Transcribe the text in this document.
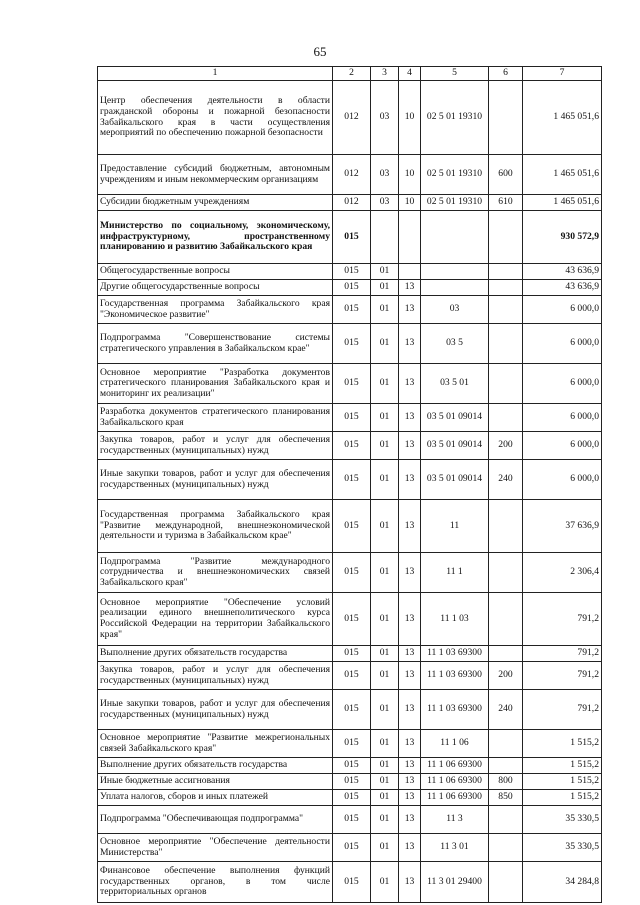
65
1	2	3	4	5	6	7
Центр обеспечения деятельности в области гражданской обороны и пожарной безопасности Забайкальского края в части осуществления мероприятий по обеспечению пожарной безопасности	012	03	10	02 5 01 19310		1 465 051,6
Предоставление субсидий бюджетным, автономным учреждениям и иным некоммерческим организациям	012	03	10	02 5 01 19310	600	1 465 051,6
Субсидии бюджетным учреждениям	012	03	10	02 5 01 19310	610	1 465 051,6
Министерство по социальному, экономическому, инфраструктурному, пространственному планированию и развитию Забайкальского края	015					930 572,9
Общегосударственные вопросы	015	01				43 636,9
Другие общегосударственные вопросы	015	01	13			43 636,9
Государственная программа Забайкальского края "Экономическое развитие"	015	01	13	03		6 000,0
Подпрограмма "Совершенствование системы стратегического управления в Забайкальском крае"	015	01	13	03 5		6 000,0
Основное мероприятие "Разработка документов стратегического планирования Забайкальского края и мониторинг их реализации"	015	01	13	03 5 01		6 000,0
Разработка документов стратегического планирования Забайкальского края	015	01	13	03 5 01 09014		6 000,0
Закупка товаров, работ и услуг для обеспечения государственных (муниципальных) нужд	015	01	13	03 5 01 09014	200	6 000,0
Иные закупки товаров, работ и услуг для обеспечения государственных (муниципальных) нужд	015	01	13	03 5 01 09014	240	6 000,0
Государственная программа Забайкальского края "Развитие международной, внешнеэкономической деятельности и туризма в Забайкальском крае"	015	01	13	11		37 636,9
Подпрограмма "Развитие международного сотрудничества и внешнеэкономических связей Забайкальского края"	015	01	13	11 1		2 306,4
Основное мероприятие "Обеспечение условий реализации единого внешнеполитического курса Российской Федерации на территории Забайкальского края"	015	01	13	11 1 03		791,2
Выполнение других обязательств государства	015	01	13	11 1 03 69300		791,2
Закупка товаров, работ и услуг для обеспечения государственных (муниципальных) нужд	015	01	13	11 1 03 69300	200	791,2
Иные закупки товаров, работ и услуг для обеспечения государственных (муниципальных) нужд	015	01	13	11 1 03 69300	240	791,2
Основное мероприятие "Развитие межрегиональных связей Забайкальского края"	015	01	13	11 1 06		1 515,2
Выполнение других обязательств государства	015	01	13	11 1 06 69300		1 515,2
Иные бюджетные ассигнования	015	01	13	11 1 06 69300	800	1 515,2
Уплата налогов, сборов и иных платежей	015	01	13	11 1 06 69300	850	1 515,2
Подпрограмма "Обеспечивающая подпрограмма"	015	01	13	11 3		35 330,5
Основное мероприятие "Обеспечение деятельности Министерства"	015	01	13	11 3 01		35 330,5
Финансовое обеспечение выполнения функций государственных органов, в том числе территориальных органов	015	01	13	11 3 01 29400		34 284,8
